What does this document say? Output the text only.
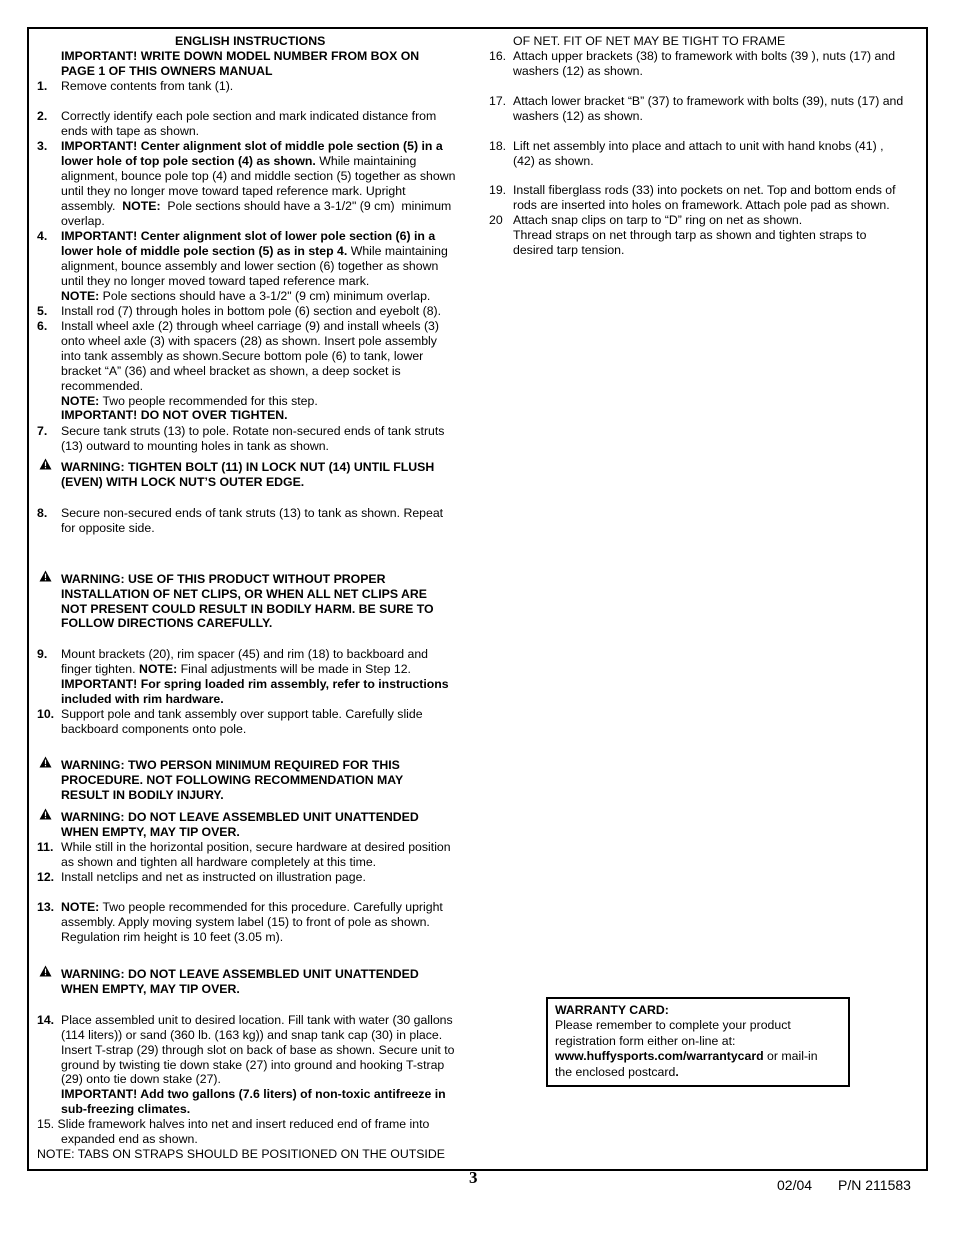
ENGLISH INSTRUCTIONS
IMPORTANT! WRITE DOWN MODEL NUMBER FROM BOX ON
PAGE 1 OF THIS OWNERS MANUAL
1. Remove contents from tank (1).
2. Correctly identify each pole section and mark indicated distance from
ends with tape as shown.
3. IMPORTANT! Center alignment slot of middle pole section (5) in a
lower hole of top pole section (4) as shown. While maintaining
alignment, bounce pole top (4) and middle section (5) together as shown
until they no longer move toward taped reference mark. Upright
assembly.  NOTE:  Pole sections should have a 3-1/2" (9 cm)  minimum
overlap.
4. IMPORTANT! Center alignment slot of lower pole section (6) in a
lower hole of middle pole section (5) as in step 4. While maintaining
alignment, bounce assembly and lower section (6) together as shown
until they no longer moved toward taped reference mark.
NOTE: Pole sections should have a 3-1/2" (9 cm) minimum overlap.
5. Install rod (7) through holes in bottom pole (6) section and eyebolt (8).
6. Install wheel axle (2) through wheel carriage (9) and install wheels (3)
onto wheel axle (3) with spacers (28) as shown. Insert pole assembly
into tank assembly as shown.Secure bottom pole (6) to tank, lower
bracket “A” (36) and wheel bracket as shown, a deep socket is
recommended.
NOTE: Two people recommended for this step.
IMPORTANT! DO NOT OVER TIGHTEN.
7. Secure tank struts (13) to pole. Rotate non-secured ends of tank struts
(13) outward to mounting holes in tank as shown.
WARNING: TIGHTEN BOLT (11) IN LOCK NUT (14) UNTIL FLUSH
(EVEN) WITH LOCK NUT’S OUTER EDGE.
8. Secure non-secured ends of tank struts (13) to tank as shown. Repeat
for opposite side.
WARNING: USE OF THIS PRODUCT WITHOUT PROPER
INSTALLATION OF NET CLIPS, OR WHEN ALL NET CLIPS ARE
NOT PRESENT COULD RESULT IN BODILY HARM. BE SURE TO
FOLLOW DIRECTIONS CAREFULLY.
9. Mount brackets (20), rim spacer (45) and rim (18) to backboard and
finger tighten. NOTE: Final adjustments will be made in Step 12.
IMPORTANT! For spring loaded rim assembly, refer to instructions
included with rim hardware.
10. Support pole and tank assembly over support table. Carefully slide
backboard components onto pole.
WARNING: TWO PERSON MINIMUM REQUIRED FOR THIS
PROCEDURE. NOT FOLLOWING RECOMMENDATION MAY
RESULT IN BODILY INJURY.
WARNING: DO NOT LEAVE ASSEMBLED UNIT UNATTENDED
WHEN EMPTY, MAY TIP OVER.
11. While still in the horizontal position, secure hardware at desired position
as shown and tighten all hardware completely at this time.
12. Install netclips and net as instructed on illustration page.
13. NOTE: Two people recommended for this procedure. Carefully upright
assembly. Apply moving system label (15) to front of pole as shown.
Regulation rim height is 10 feet (3.05 m).
WARNING: DO NOT LEAVE ASSEMBLED UNIT UNATTENDED
WHEN EMPTY, MAY TIP OVER.
14. Place assembled unit to desired location. Fill tank with water (30 gallons
(114 liters)) or sand (360 lb. (163 kg)) and snap tank cap (30) in place.
Insert T-strap (29) through slot on back of base as shown. Secure unit to
ground by twisting tie down stake (27) into ground and hooking T-strap
(29) onto tie down stake (27).
IMPORTANT! Add two gallons (7.6 liters) of non-toxic antifreeze in
sub-freezing climates.
15. Slide framework halves into net and insert reduced end of frame into
expanded end as shown.
NOTE: TABS ON STRAPS SHOULD BE POSITIONED ON THE OUTSIDE
OF NET. FIT OF NET MAY BE TIGHT TO FRAME
16. Attach upper brackets (38) to framework with bolts (39 ), nuts (17) and
washers (12) as shown.
17. Attach lower bracket “B” (37) to framework with bolts (39), nuts (17) and
washers (12) as shown.
18. Lift net assembly into place and attach to unit with hand knobs (41) ,
(42) as shown.
19. Install fiberglass rods (33) into pockets on net. Top and bottom ends of
rods are inserted into holes on framework. Attach pole pad as shown.
20 Attach snap clips on tarp to “D” ring on net as shown.
Thread straps on net through tarp as shown and tighten straps to
desired tarp tension.
WARRANTY CARD:
Please remember to complete your product
registration form either on-line at:
www.huffysports.com/warrantycard or mail-in
the enclosed postcard.
3	02/04 P/N 211583
